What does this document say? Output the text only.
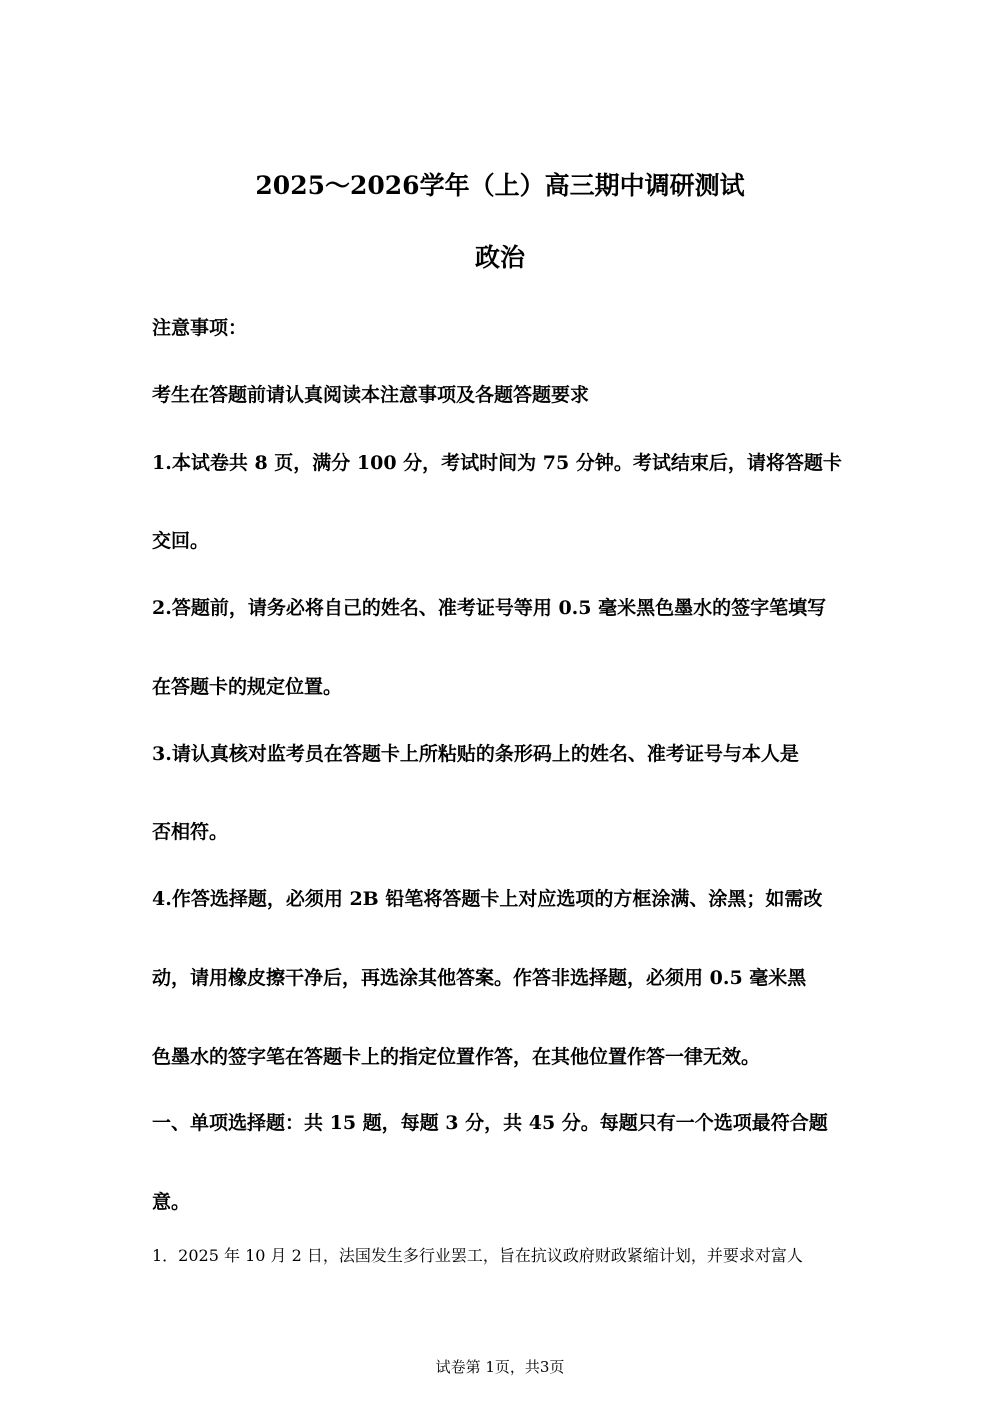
2025～2026学年（上）高三期中调研测试
政治
注意事项：
考生在答题前请认真阅读本注意事项及各题答题要求
1.本试卷共 8 页，满分 100 分，考试时间为 75 分钟。考试结束后，请将答题卡
交回。
2.答题前，请务必将自己的姓名、准考证号等用 0.5 毫米黑色墨水的签字笔填写
在答题卡的规定位置。
3.请认真核对监考员在答题卡上所粘贴的条形码上的姓名、准考证号与本人是
否相符。
4.作答选择题，必须用 2B 铅笔将答题卡上对应选项的方框涂满、涂黑；如需改
动，请用橡皮擦干净后，再选涂其他答案。作答非选择题，必须用 0.5 毫米黑
色墨水的签字笔在答题卡上的指定位置作答，在其他位置作答一律无效。
一、单项选择题：共 15 题，每题 3 分，共 45 分。每题只有一个选项最符合题
意。
1．2025 年 10 月 2 日，法国发生多行业罢工，旨在抗议政府财政紧缩计划，并要求对富人
试卷第 1页，共3页
